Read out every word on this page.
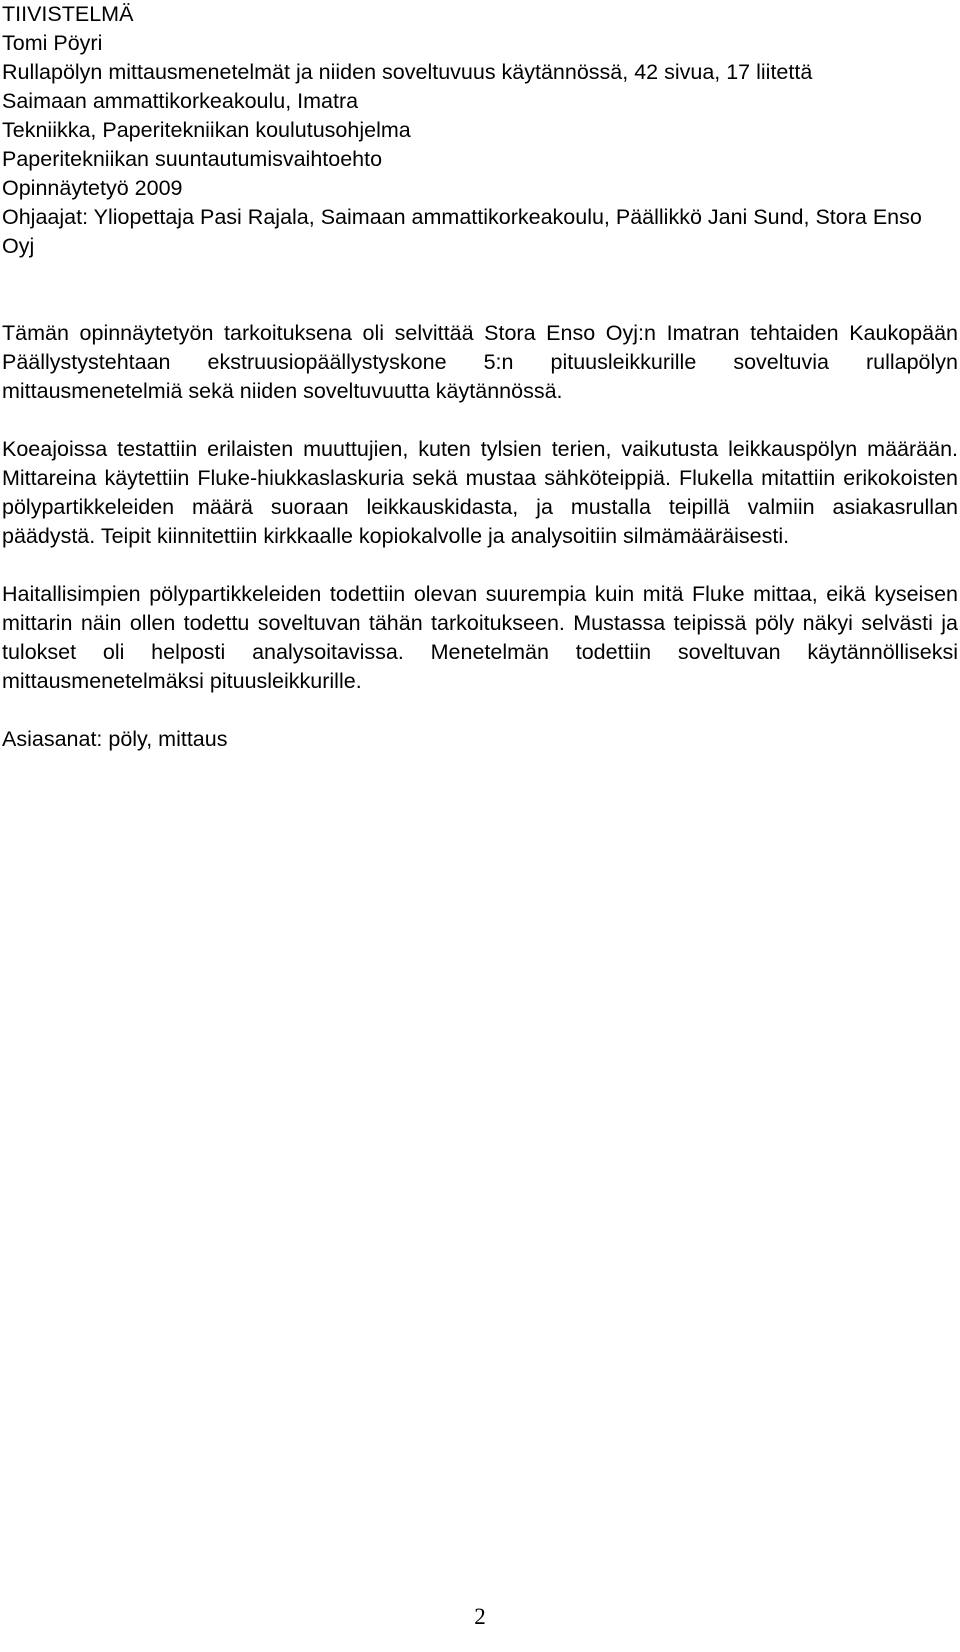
TIIVISTELMÄ

Tomi Pöyri

Rullapölyn mittausmenetelmät ja niiden soveltuvuus käytännössä, 42 sivua, 17 liitettä

Saimaan ammattikorkeakoulu, Imatra

Tekniikka, Paperitekniikan koulutusohjelma

Paperitekniikan suuntautumisvaihtoehto

Opinnäytetyö 2009

Ohjaajat: Yliopettaja Pasi Rajala, Saimaan ammattikorkeakoulu, Päällikkö Jani Sund, Stora Enso Oyj

Tämän opinnäytetyön tarkoituksena oli selvittää Stora Enso Oyj:n Imatran tehtaiden Kaukopään Päällystystehtaan ekstruusiopäällystyskone 5:n pituusleikkurille soveltuvia rullapölyn mittausmenetelmiä sekä niiden soveltuvuutta käytännössä.

Koeajoissa testattiin erilaisten muuttujien, kuten tylsien terien, vaikutusta leikkauspölyn määrään. Mittareina käytettiin Fluke-hiukkaslaskuria sekä mustaa sähköteippiä. Flukella mitattiin erikokoisten pölypartikkeleiden määrä suoraan leikkauskidasta, ja mustalla teipillä valmiin asiakasrullan päädystä. Teipit kiinnitettiin kirkkaalle kopiokalvolle ja analysoitiin silmämääräisesti.

Haitallisimpien pölypartikkeleiden todettiin olevan suurempia kuin mitä Fluke mittaa, eikä kyseisen mittarin näin ollen todettu soveltuvan tähän tarkoitukseen. Mustassa teipissä pöly näkyi selvästi ja tulokset oli helposti analysoitavissa. Menetelmän todettiin soveltuvan käytännölliseksi mittausmenetelmäksi pituusleikkurille.

Asiasanat: pöly, mittaus

2
